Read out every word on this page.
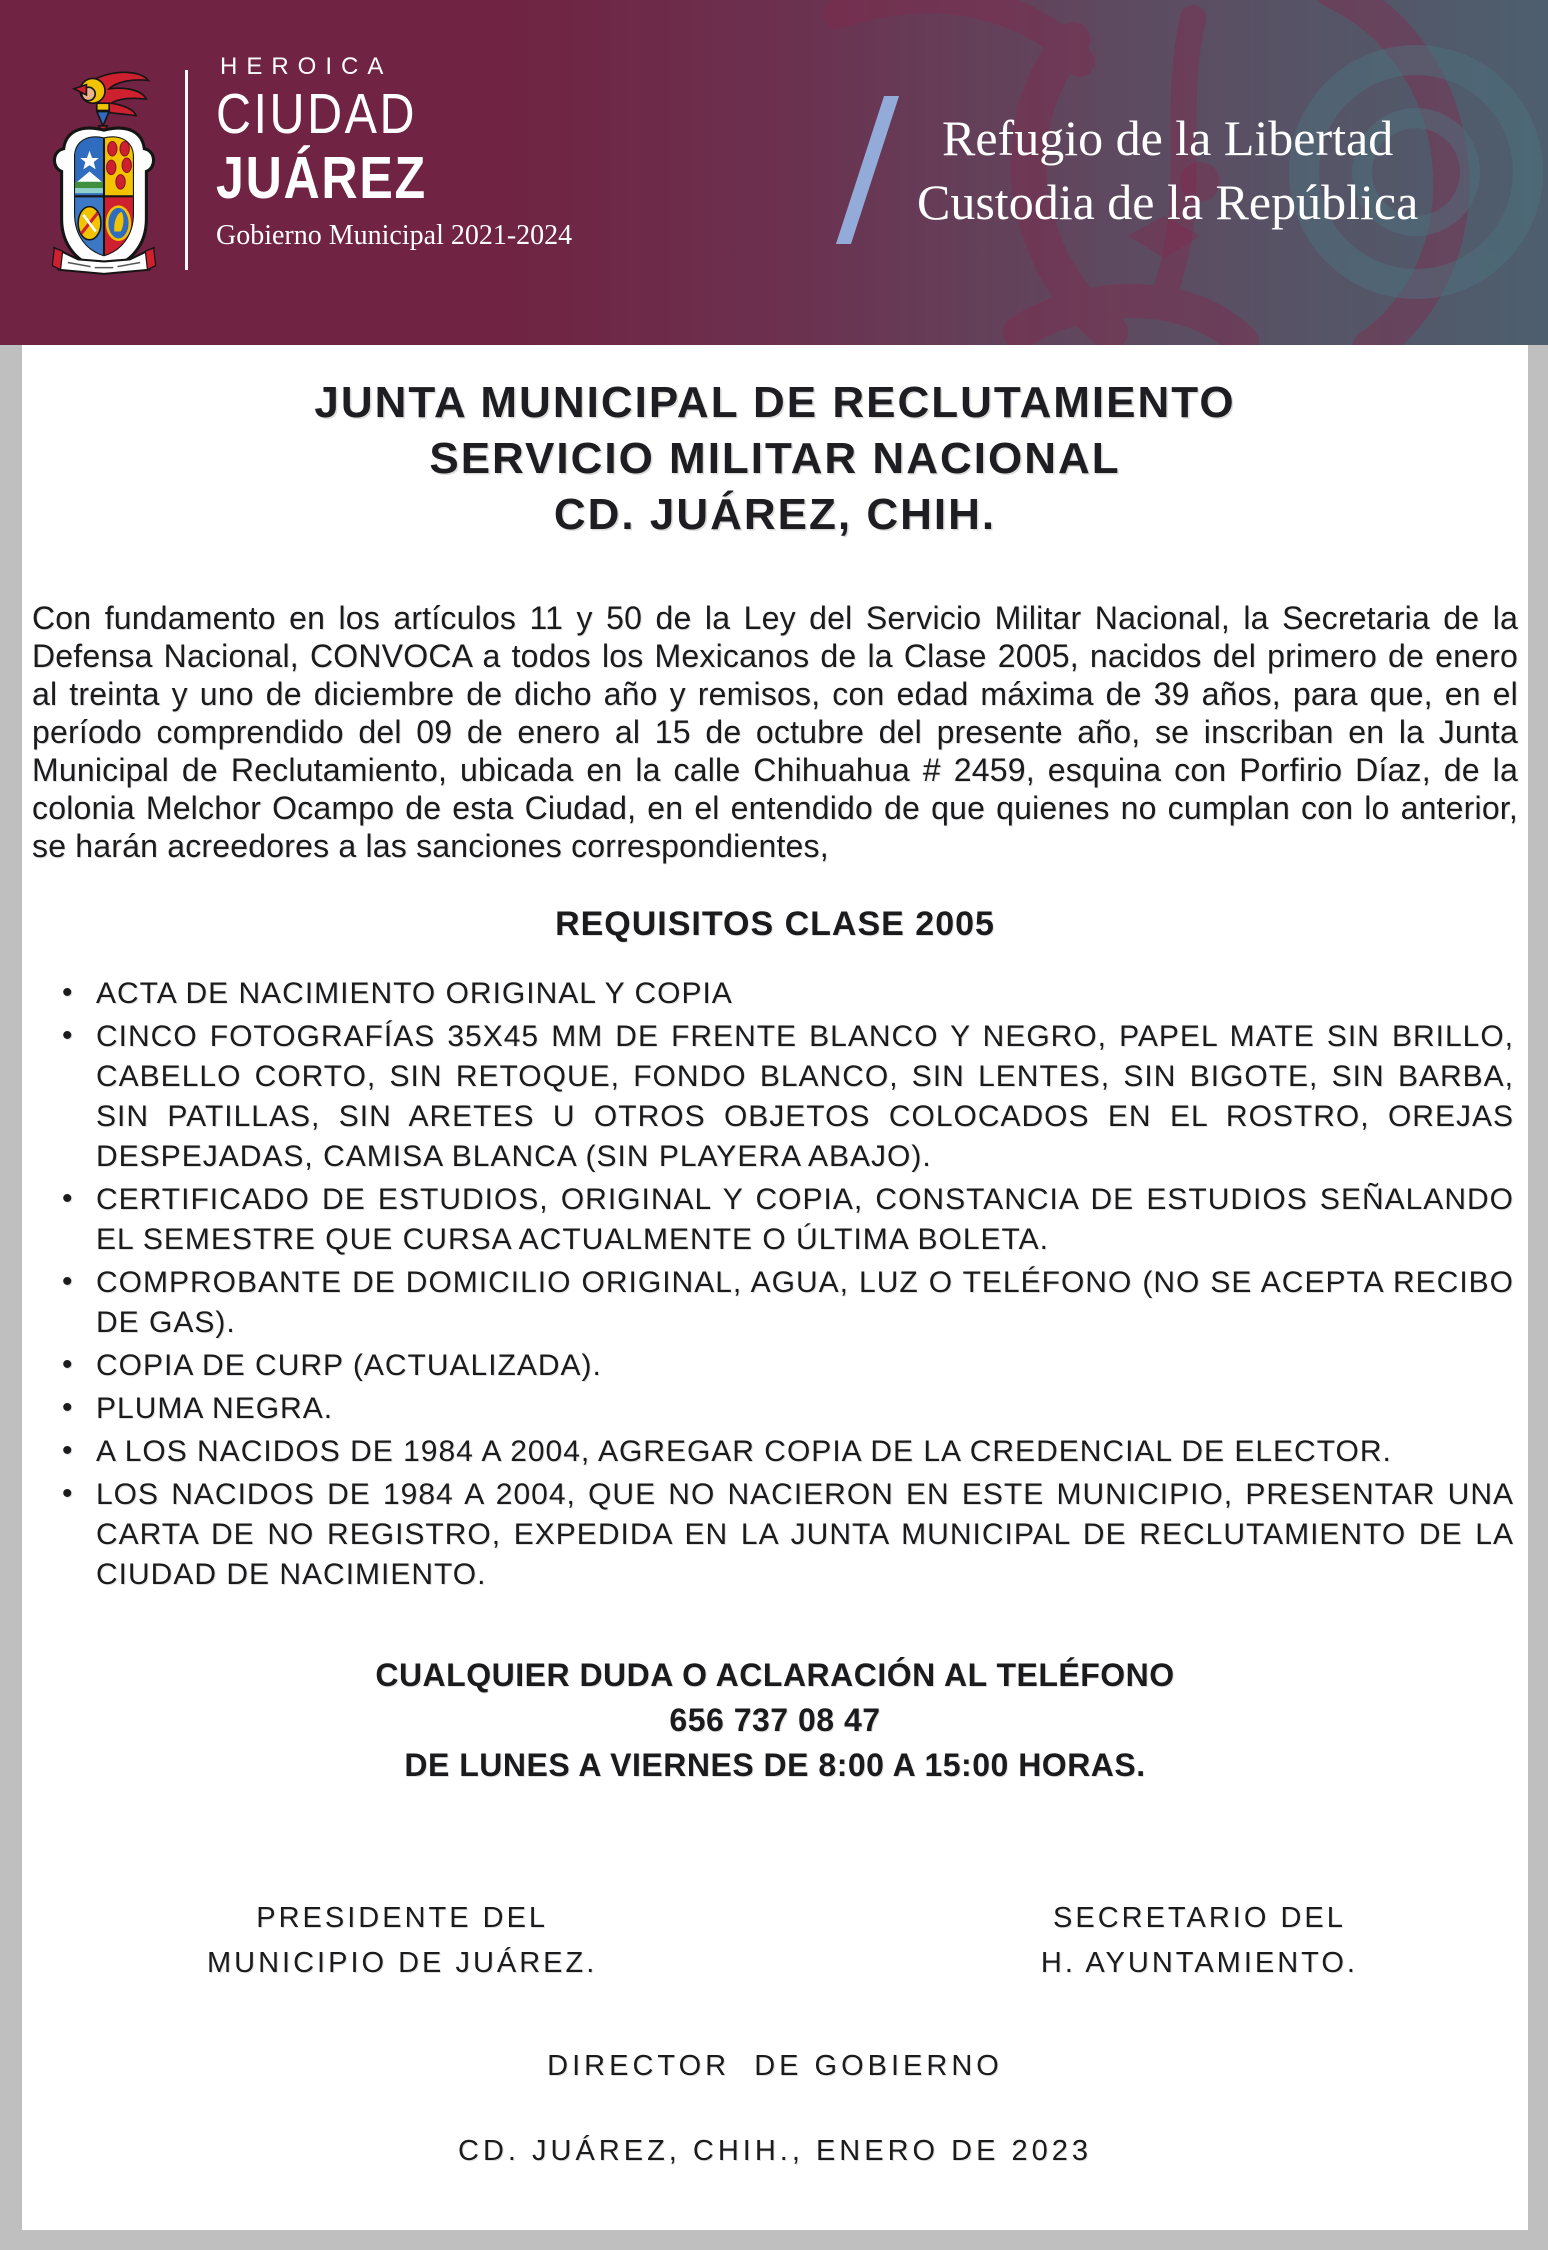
HEROICA
CIUDAD
JUÁREZ
Gobierno Municipal 2021-2024
Refugio de la Libertad
Custodia de la República
JUNTA MUNICIPAL DE RECLUTAMIENTO
SERVICIO MILITAR NACIONAL
CD. JUÁREZ, CHIH.

Con fundamento en los artículos 11 y 50 de la Ley del Servicio Militar Nacional, la Secretaria de la Defensa Nacional, CONVOCA a todos los Mexicanos de la Clase 2005, nacidos del primero de enero al treinta y uno de diciembre de dicho año y remisos, con edad máxima de 39 años, para que, en el período comprendido del 09 de enero al 15 de octubre del presente año, se inscriban en la Junta Municipal de Reclutamiento, ubicada en la calle Chihuahua # 2459, esquina con Porfirio Díaz, de la colonia Melchor Ocampo de esta Ciudad, en el entendido de que quienes no cumplan con lo anterior, se harán acreedores a las sanciones correspondientes,

REQUISITOS CLASE 2005
• ACTA DE NACIMIENTO ORIGINAL Y COPIA
• CINCO FOTOGRAFÍAS 35X45 MM DE FRENTE BLANCO Y NEGRO, PAPEL MATE SIN BRILLO, CABELLO CORTO, SIN RETOQUE, FONDO BLANCO, SIN LENTES, SIN BIGOTE, SIN BARBA, SIN PATILLAS, SIN ARETES U OTROS OBJETOS COLOCADOS EN EL ROSTRO, OREJAS DESPEJADAS, CAMISA BLANCA (SIN PLAYERA ABAJO).
• CERTIFICADO DE ESTUDIOS, ORIGINAL Y COPIA, CONSTANCIA DE ESTUDIOS SEÑALANDO EL SEMESTRE QUE CURSA ACTUALMENTE O ÚLTIMA BOLETA.
• COMPROBANTE DE DOMICILIO ORIGINAL, AGUA, LUZ O TELÉFONO (NO SE ACEPTA RECIBO DE GAS).
• COPIA DE CURP (ACTUALIZADA).
• PLUMA NEGRA.
• A LOS NACIDOS DE 1984 A 2004, AGREGAR COPIA DE LA CREDENCIAL DE ELECTOR.
• LOS NACIDOS DE 1984 A 2004, QUE NO NACIERON EN ESTE MUNICIPIO, PRESENTAR UNA CARTA DE NO REGISTRO, EXPEDIDA EN LA JUNTA MUNICIPAL DE RECLUTAMIENTO DE LA CIUDAD DE NACIMIENTO.
CUALQUIER DUDA O ACLARACIÓN AL TELÉFONO
656 737 08 47
DE LUNES A VIERNES DE 8:00 A 15:00 HORAS.
PRESIDENTE DEL
MUNICIPIO DE JUÁREZ.
SECRETARIO DEL
H. AYUNTAMIENTO.
DIRECTOR  DE GOBIERNO
CD. JUÁREZ, CHIH., ENERO DE 2023
